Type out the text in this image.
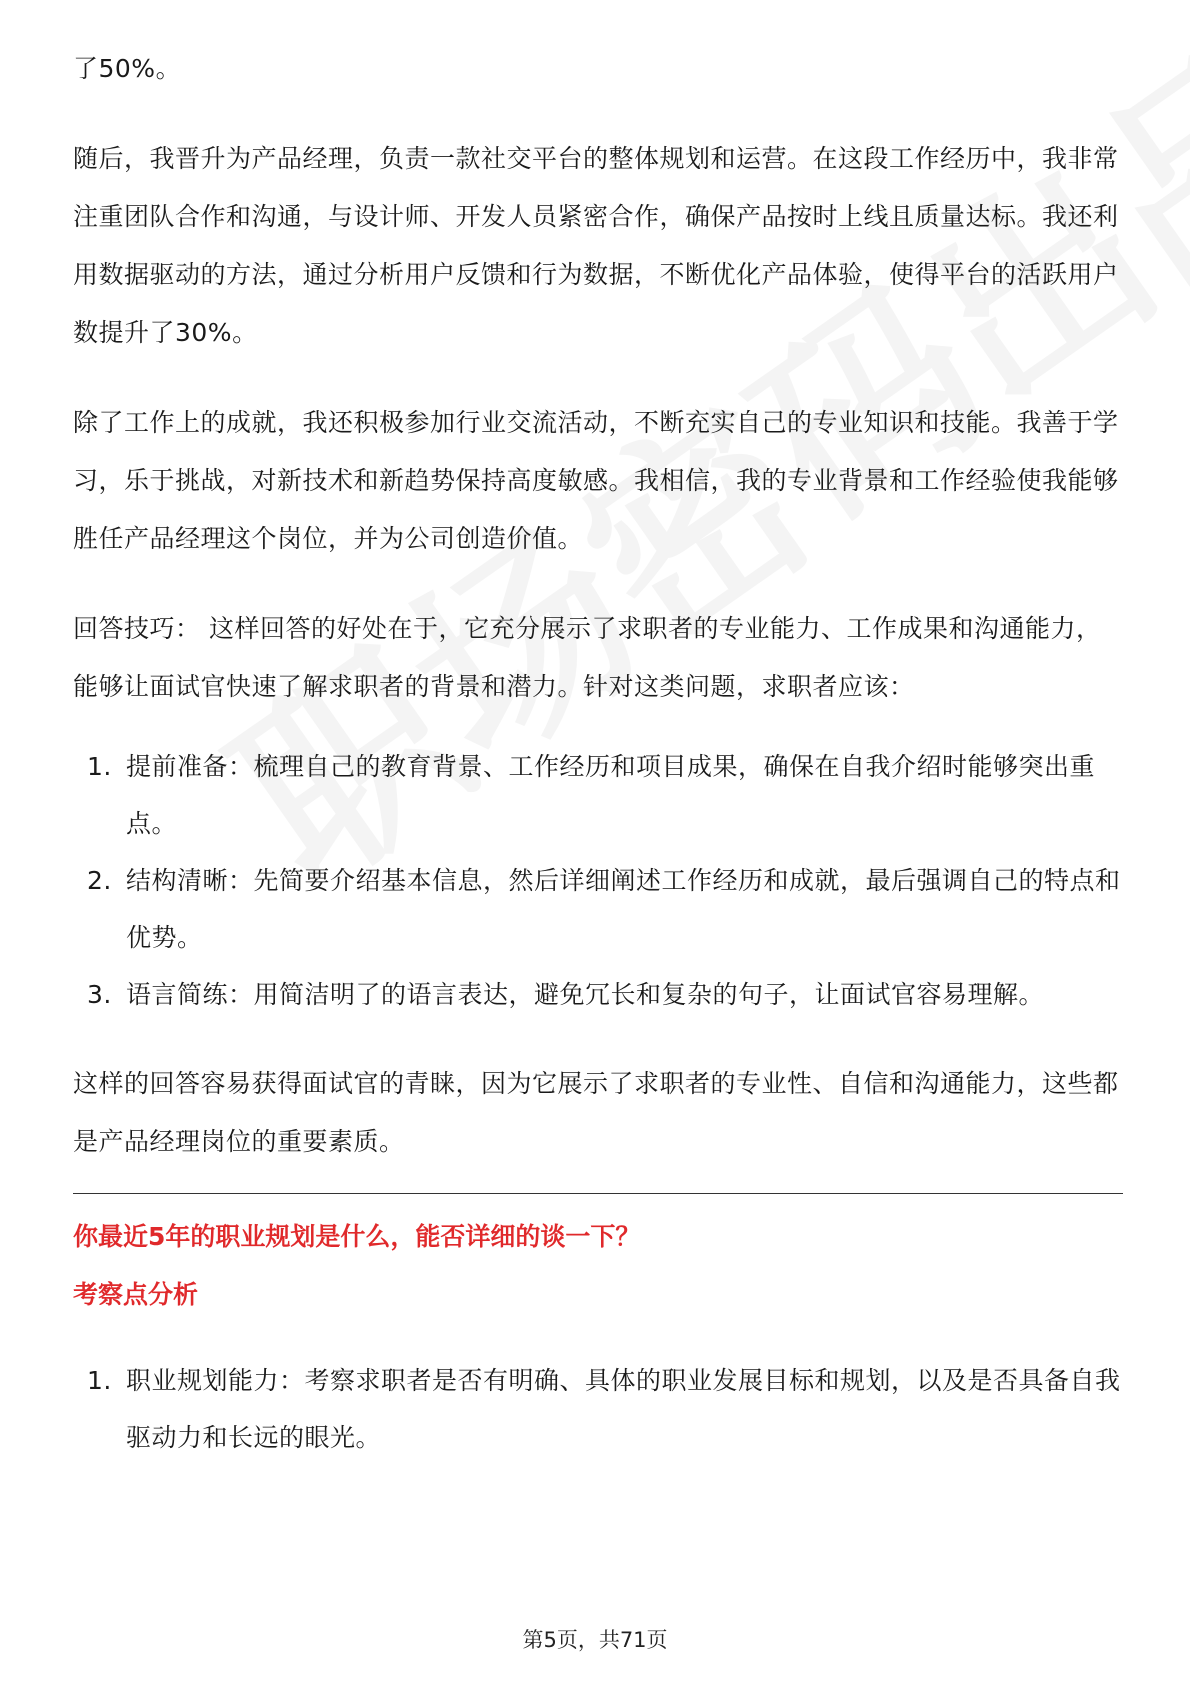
了50%。

随后，我晋升为产品经理，负责一款社交平台的整体规划和运营。在这段工作经历中，我非常注重团队合作和沟通，与设计师、开发人员紧密合作，确保产品按时上线且质量达标。我还利用数据驱动的方法，通过分析用户反馈和行为数据，不断优化产品体验，使得平台的活跃用户数提升了30%。

除了工作上的成就，我还积极参加行业交流活动，不断充实自己的专业知识和技能。我善于学习，乐于挑战，对新技术和新趋势保持高度敏感。我相信，我的专业背景和工作经验使我能够胜任产品经理这个岗位，并为公司创造价值。

回答技巧： 这样回答的好处在于，它充分展示了求职者的专业能力、工作成果和沟通能力，能够让面试官快速了解求职者的背景和潜力。针对这类问题，求职者应该：

1. 提前准备：梳理自己的教育背景、工作经历和项目成果，确保在自我介绍时能够突出重点。
2. 结构清晰：先简要介绍基本信息，然后详细阐述工作经历和成就，最后强调自己的特点和优势。
3. 语言简练：用简洁明了的语言表达，避免冗长和复杂的句子，让面试官容易理解。

这样的回答容易获得面试官的青睐，因为它展示了求职者的专业性、自信和沟通能力，这些都是产品经理岗位的重要素质。

你最近5年的职业规划是什么，能否详细的谈一下？

考察点分析

1. 职业规划能力：考察求职者是否有明确、具体的职业发展目标和规划，以及是否具备自我驱动力和长远的眼光。
第5页，共71页
